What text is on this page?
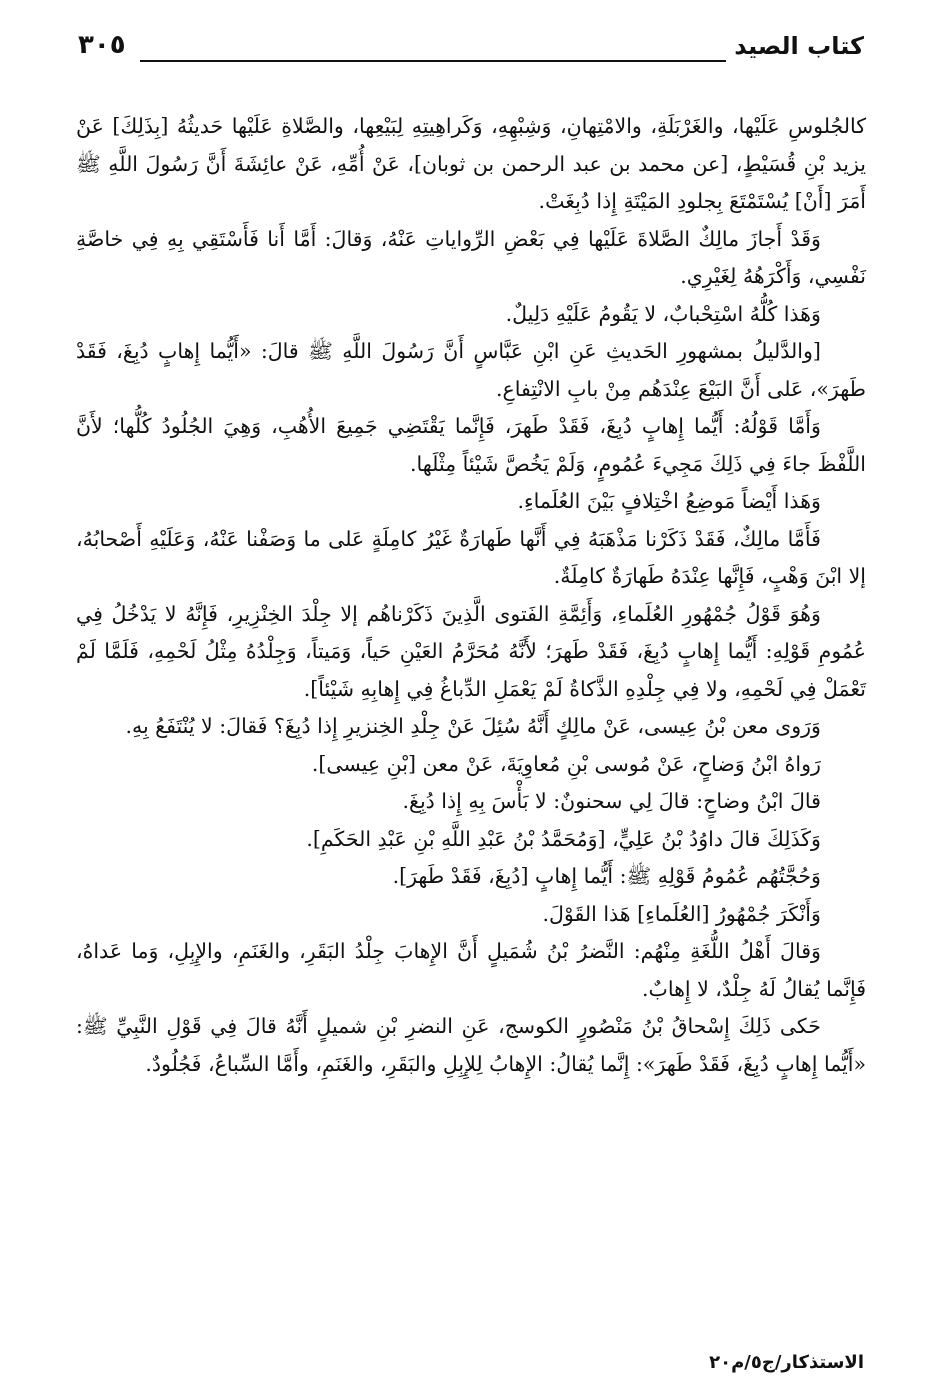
كتاب الصيد
٣٠٥

كالجُلوسِ عَلَيْها، والغَرْبَلَةِ، والامْتِهانِ، وَشِبْهِهِ، وَكَراهِيتِهِ لِبَيْعِها، والصَّلاةِ عَلَيْها حَديثُهُ [بِذَلِكَ] عَنْ يزيد بْنِ قُسَيْطٍ، [عن محمد بن عبد الرحمن بن ثوبان]، عَنْ أُمِّهِ، عَنْ عائِشَةَ أَنَّ رَسُولَ اللَّهِ ﷺ أَمَرَ [أَنْ] يُسْتَمْتَعَ بِجلودِ المَيْتَةِ إِذا دُبِغَتْ.

وَقَدْ أَجازَ مالِكٌ الصَّلاةَ عَلَيْها فِي بَعْضِ الرِّواياتِ عَنْهُ، وَقالَ: أَمَّا أَنا فَأَسْتَقِي بِهِ فِي خاصَّةِ نَفْسِي، وَأَكْرَهُهُ لِغَيْرِي.

وَهَذا كُلُّهُ اسْتِحْبابٌ، لا يَقُومُ عَلَيْهِ دَلِيلٌ.

[والدَّليلُ بمشهورِ الحَديثِ عَنِ ابْنِ عَبَّاسٍ أَنَّ رَسُولَ اللَّهِ ﷺ قالَ: «أَيُّما إِهابٍ دُبِغَ، فَقَدْ طَهرَ»، عَلى أَنَّ البَيْعَ عِنْدَهُم مِنْ بابِ الانْتِفاعِ.

وَأَمَّا قَوْلُهُ: أَيُّما إِهابٍ دُبِغَ، فَقَدْ طَهرَ، فَإِنَّما يَقْتَضِي جَمِيعَ الأُهُبِ، وَهِيَ الجُلُودُ كُلُّها؛ لأَنَّ اللَّفْظَ جاءَ فِي ذَلِكَ مَجِيءَ عُمُومٍ، وَلَمْ يَخُصَّ شَيْئاً مِثْلَها.

وَهَذا أَيْضاً مَوضِعُ اخْتِلافٍ بَيْنَ العُلَماءِ.

فَأَمَّا مالِكٌ، فَقَدْ ذَكَرْنا مَذْهَبَهُ فِي أَنَّها طَهارَةٌ غَيْرُ كامِلَةٍ عَلى ما وَصَفْنا عَنْهُ، وَعَلَيْهِ أَصْحابُهُ، إلا ابْنَ وَهْبٍ، فَإِنَّها عِنْدَهُ طَهارَةٌ كامِلَةٌ.

وَهُوَ قَوْلُ جُمْهُورِ العُلَماءِ، وَأَئِمَّةِ الفَتوى الَّذِينَ ذَكَرْناهُم إلا جِلْدَ الخِنْزِيرِ، فَإِنَّهُ لا يَدْخُلُ فِي عُمُومِ قَوْلِهِ: أَيُّما إِهابٍ دُبِغَ، فَقَدْ طَهرَ؛ لأَنَّهُ مُحَرَّمُ العَيْنِ حَياً، وَمَيتاً، وَجِلْدُهُ مِثْلُ لَحْمِهِ، فَلَمَّا لَمْ تَعْمَلْ فِي لَحْمِهِ، ولا فِي جِلْدِهِ الذَّكاةُ لَمْ يَعْمَلِ الدِّباغُ فِي إِهابِهِ شَيْئاً].

وَرَوى معن بْنُ عِيسى، عَنْ مالِكٍ أَنَّهُ سُئِلَ عَنْ جِلْدِ الخِنزيرِ إِذا دُبِغَ؟ فَقالَ: لا يُنْتَفَعُ بِهِ.

رَواهُ ابْنُ وَضاحٍ، عَنْ مُوسى بْنِ مُعاوِيَةَ، عَنْ معن [بْنِ عِيسى].

قالَ ابْنُ وضاحٍ: قالَ لِي سحنونٌ: لا بَأْسَ بِهِ إِذا دُبِغَ.

وَكَذَلِكَ قالَ داوُدُ بْنُ عَلِيٍّ، [وَمُحَمَّدُ بْنُ عَبْدِ اللَّهِ بْنِ عَبْدِ الحَكَمِ].

وَحُجَّتُهُم عُمُومُ قَوْلِهِ ﷺ: أَيُّما إِهابٍ [دُبِغَ، فَقَدْ طَهرَ].

وَأَنْكَرَ جُمْهُورُ [العُلَماءِ] هَذا القَوْلَ.

وَقالَ أَهْلُ اللُّغَةِ مِنْهُم: النَّضرُ بْنُ شُمَيلٍ أَنَّ الإِهابَ جِلْدُ البَقَرِ، والغَنَمِ، والإِبِلِ، وَما عَداهُ، فَإِنَّما يُقالُ لَهُ جِلْدٌ، لا إِهابٌ.

حَكى ذَلِكَ إِسْحاقُ بْنُ مَنْصُورٍ الكوسج، عَنِ النضرِ بْنِ شميلٍ أَنَّهُ قالَ فِي قَوْلِ النَّبِيِّ ﷺ: «أَيُّما إِهابٍ دُبِغَ، فَقَدْ طَهرَ»: إِنَّما يُقالُ: الإِهابُ لِلإِبِلِ والبَقَرِ، والغَنَمِ، وأَمَّا السِّباعُ، فَجُلُودٌ.

الاستذكار/ج٥/م٢٠
